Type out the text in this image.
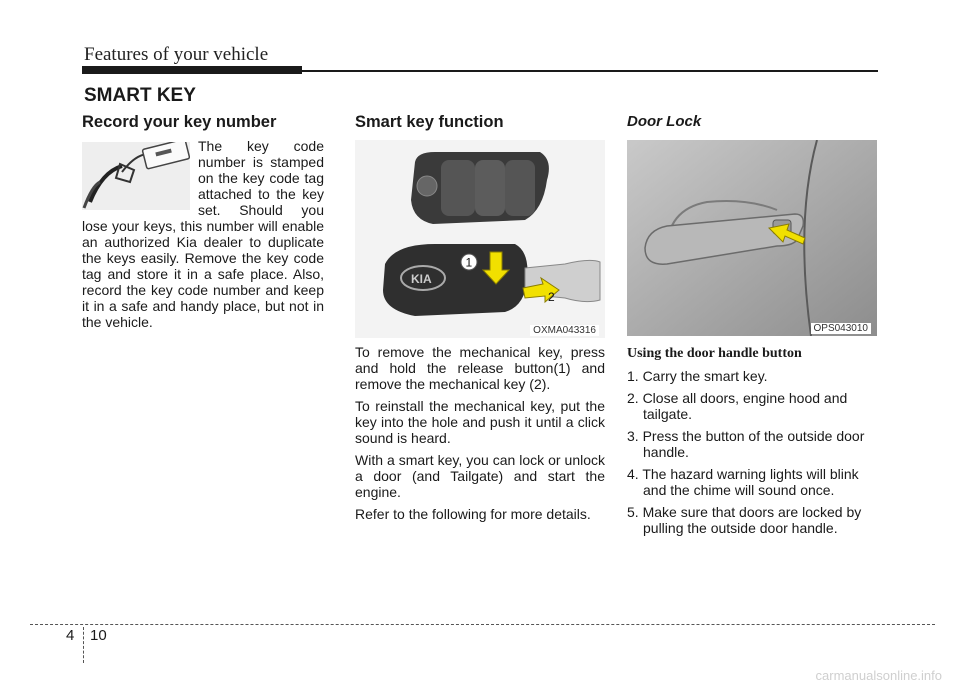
Features of your vehicle
SMART KEY
Record your key number

The key code number is stamped on the key code tag attached to the key set. Should you lose your keys, this number will enable an authorized Kia dealer to duplicate the keys easily. Remove the key code tag and store it in a safe place. Also, record the key code number and keep it in a safe and handy place, but not in the vehicle.

Smart key function
KIA
1
2
OXMA043316

To remove the mechanical key, press and hold the release button(1) and remove the mechanical key (2).

To reinstall the mechanical key, put the key into the hole and push it until a click sound is heard.

With a smart key, you can lock or unlock a door (and Tailgate) and start the engine.

Refer to the following for more details.

Door Lock
OPS043010
Using the door handle button
1. Carry the smart key.
2. Close all doors, engine hood and tailgate.
3. Press the button of the outside door handle.
4. The hazard warning lights will blink and the chime will sound once.
5. Make sure that doors are locked by pulling the outside door handle.
4 10
carmanualsonline.info
